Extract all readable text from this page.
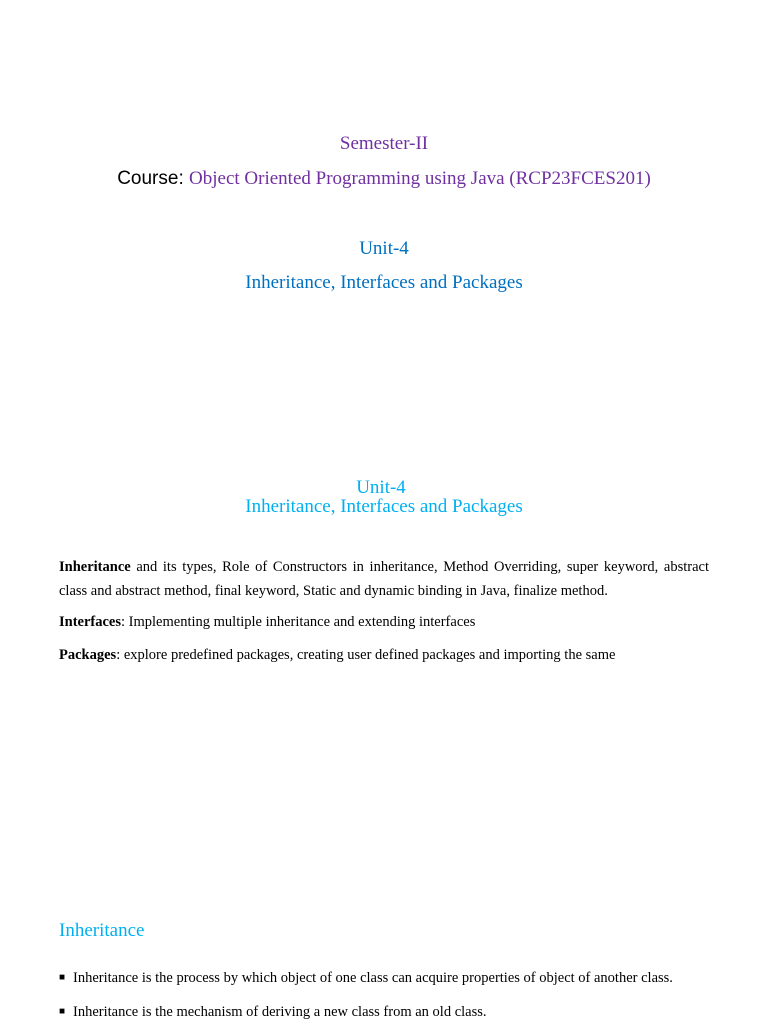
Semester-II
Course: Object Oriented Programming using Java (RCP23FCES201)
Unit-4
Inheritance, Interfaces and Packages
Unit-4
Inheritance, Interfaces and Packages
Inheritance and its types, Role of Constructors in inheritance, Method Overriding, super keyword, abstract class and abstract method, final keyword, Static and dynamic binding in Java, finalize method.
Interfaces: Implementing multiple inheritance and extending interfaces
Packages: explore predefined packages, creating user defined packages and importing the same
Inheritance
■ Inheritance is the process by which object of one class can acquire properties of object of another class.
■ Inheritance is the mechanism of deriving a new class from an old class.
